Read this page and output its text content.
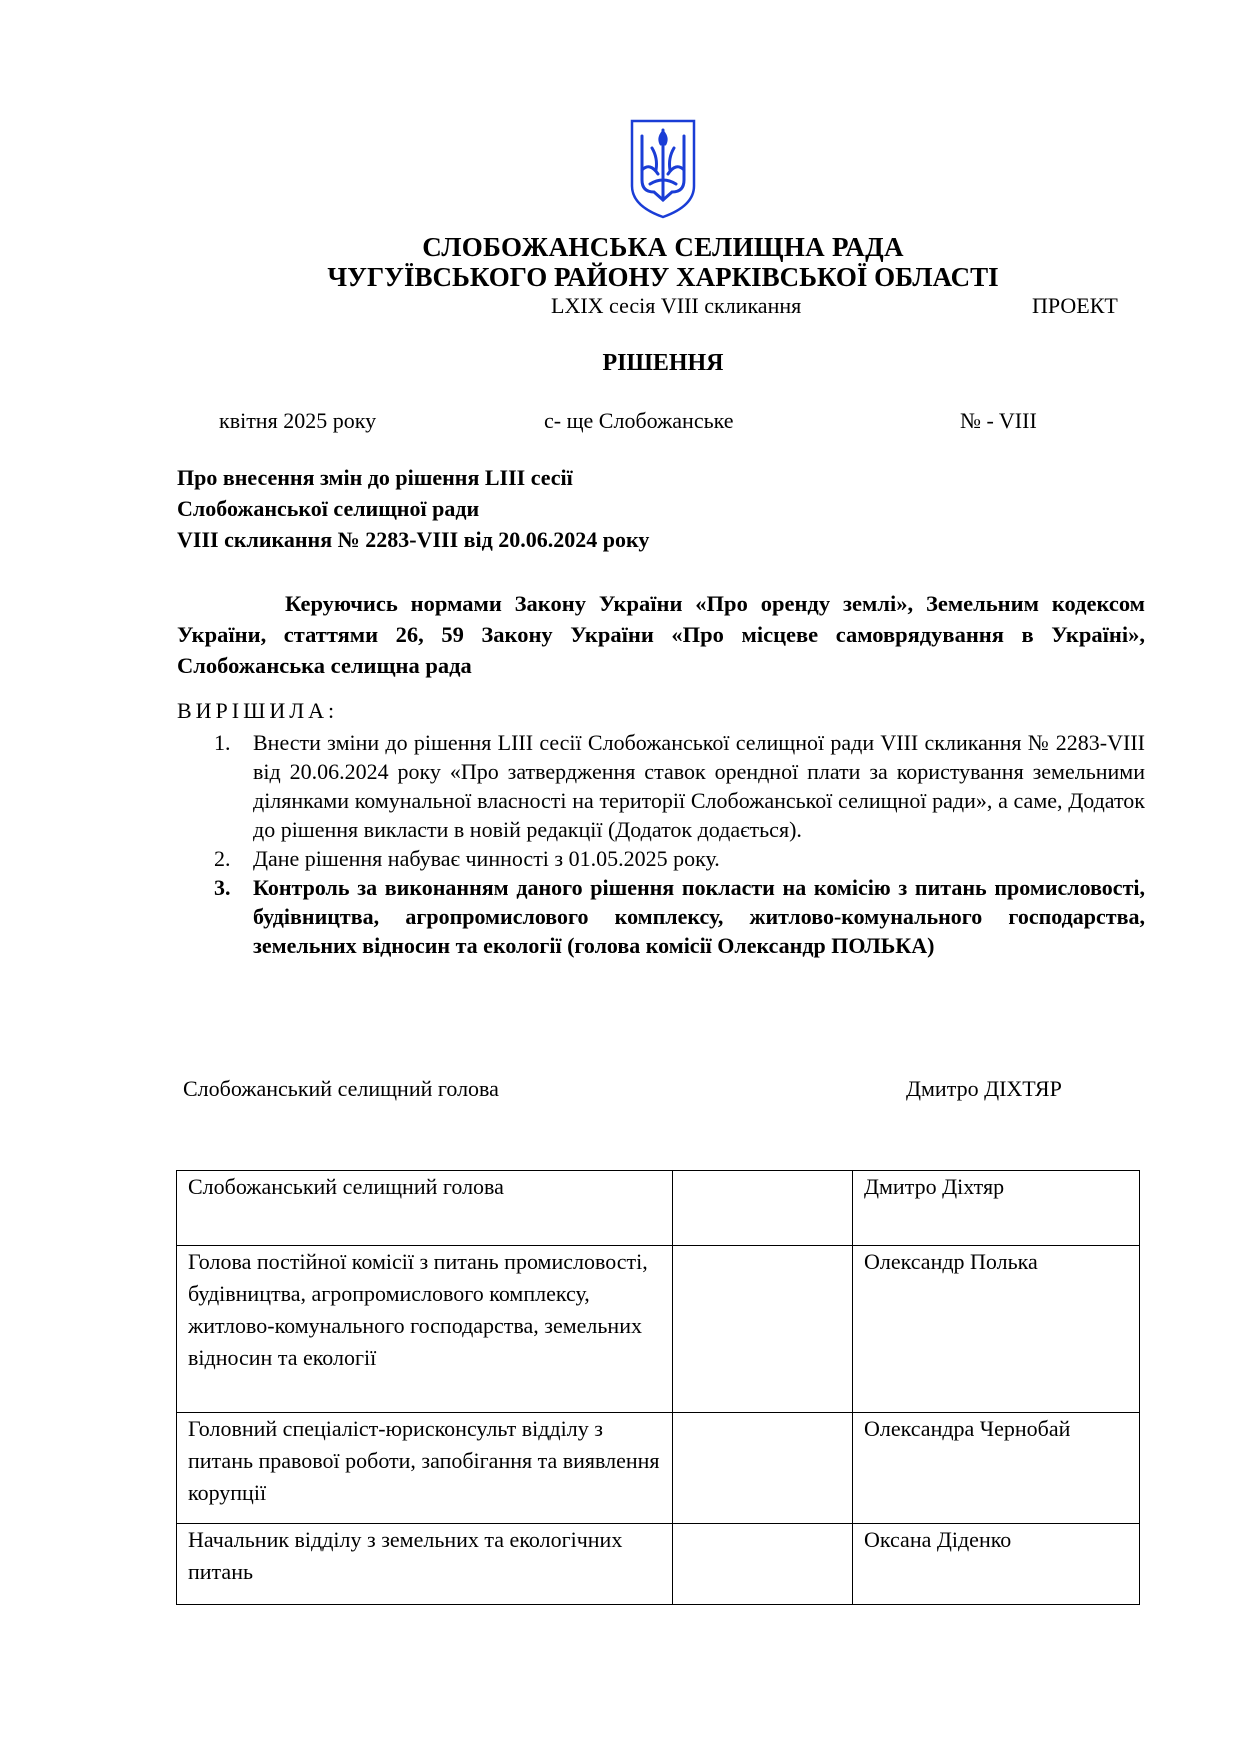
СЛОБОЖАНСЬКА СЕЛИЩНА РАДА
ЧУГУЇВСЬКОГО РАЙОНУ ХАРКІВСЬКОЇ ОБЛАСТІ
LXIX сесія VIII скликання	ПРОЕКТ
РІШЕННЯ
квітня 2025 року	с- ще Слобожанське	№ - VIII
Про внесення змін до рішення LIII сесії
Слобожанської селищної ради
VIII скликання № 2283-VIII від 20.06.2024 року
Керуючись нормами Закону України «Про оренду землі», Земельним кодексом України, статтями 26, 59 Закону України «Про місцеве самоврядування в Україні», Слобожанська селищна рада
ВИРІШИЛА:
1. Внести зміни до рішення LIII сесії Слобожанської селищної ради VIII скликання № 2283-VIII від 20.06.2024 року «Про затвердження ставок орендної плати за користування земельними ділянками комунальної власності на території Слобожанської селищної ради», а саме, Додаток до рішення викласти в новій редакції (Додаток додається).
2. Дане рішення набуває чинності з 01.05.2025 року.
3. Контроль за виконанням даного рішення покласти на комісію з питань промисловості, будівництва, агропромислового комплексу, житлово-комунального господарства, земельних відносин та екології (голова комісії Олександр ПОЛЬКА)
Слобожанський селищний голова	Дмитро ДІХТЯР
Слобожанський селищний голова		Дмитро Діхтяр
Голова постійної комісії з питань промисловості, будівництва, агропромислового комплексу, житлово-комунального господарства, земельних відносин та екології		Олександр Полька
Головний спеціаліст-юрисконсульт відділу з питань правової роботи, запобігання та виявлення корупції		Олександра Чернобай
Начальник відділу з земельних та екологічних питань		Оксана Діденко
